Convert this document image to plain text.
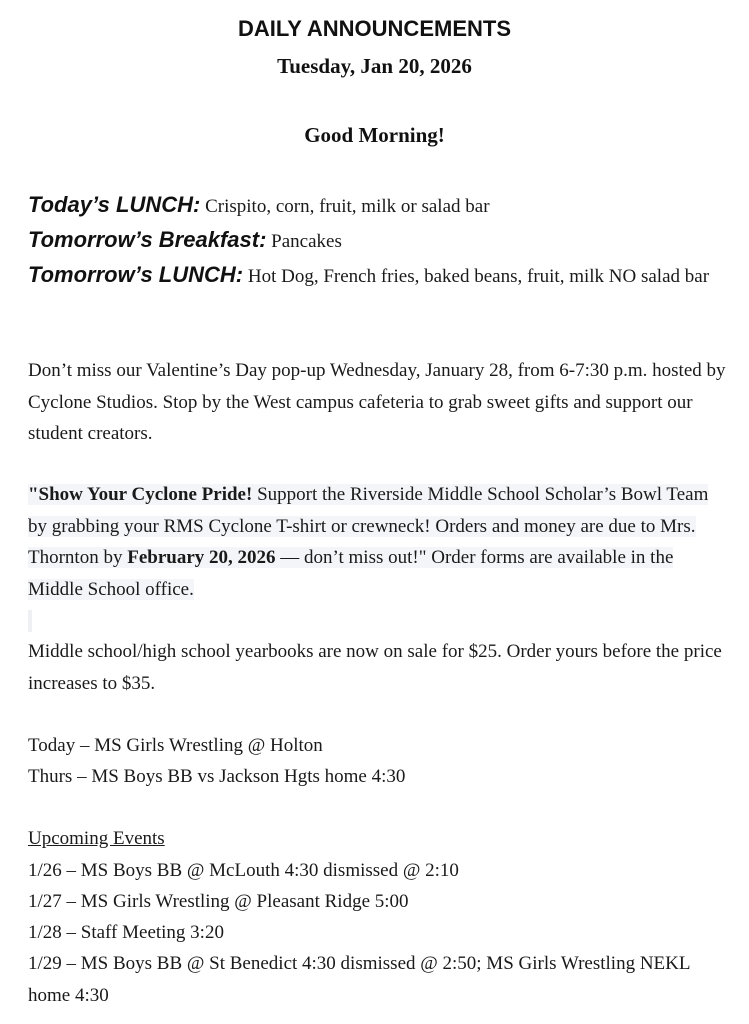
DAILY ANNOUNCEMENTS
Tuesday, Jan 20, 2026
Good Morning!
Today’s LUNCH: Crispito, corn, fruit, milk or salad bar
Tomorrow’s Breakfast: Pancakes
Tomorrow’s LUNCH: Hot Dog, French fries, baked beans, fruit, milk NO salad bar
Don’t miss our Valentine’s Day pop-up Wednesday, January 28, from 6-7:30 p.m. hosted by Cyclone Studios. Stop by the West campus cafeteria to grab sweet gifts and support our student creators.
"Show Your Cyclone Pride! Support the Riverside Middle School Scholar’s Bowl Team by grabbing your RMS Cyclone T-shirt or crewneck! Orders and money are due to Mrs. Thornton by February 20, 2026 — don’t miss out!" Order forms are available in the Middle School office.
Middle school/high school yearbooks are now on sale for $25. Order yours before the price increases to $35.
Today – MS Girls Wrestling @ Holton
Thurs – MS Boys BB vs Jackson Hgts home 4:30
Upcoming Events
1/26 – MS Boys BB @ McLouth 4:30 dismissed @ 2:10
1/27 – MS Girls Wrestling @ Pleasant Ridge 5:00
1/28 – Staff Meeting 3:20
1/29 – MS Boys BB @ St Benedict 4:30 dismissed @ 2:50; MS Girls Wrestling NEKL home 4:30
